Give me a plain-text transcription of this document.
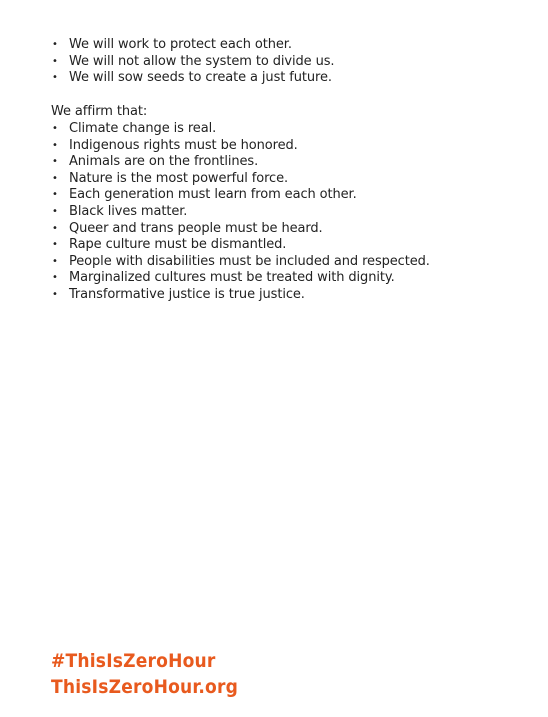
• We will work to protect each other.
• We will not allow the system to divide us.
• We will sow seeds to create a just future.
We affirm that:
• Climate change is real.
• Indigenous rights must be honored.
• Animals are on the frontlines.
• Nature is the most powerful force.
• Each generation must learn from each other.
• Black lives matter.
• Queer and trans people must be heard.
• Rape culture must be dismantled.
• People with disabilities must be included and respected.
• Marginalized cultures must be treated with dignity.
• Transformative justice is true justice.
#ThisIsZeroHour
ThisIsZeroHour.org
